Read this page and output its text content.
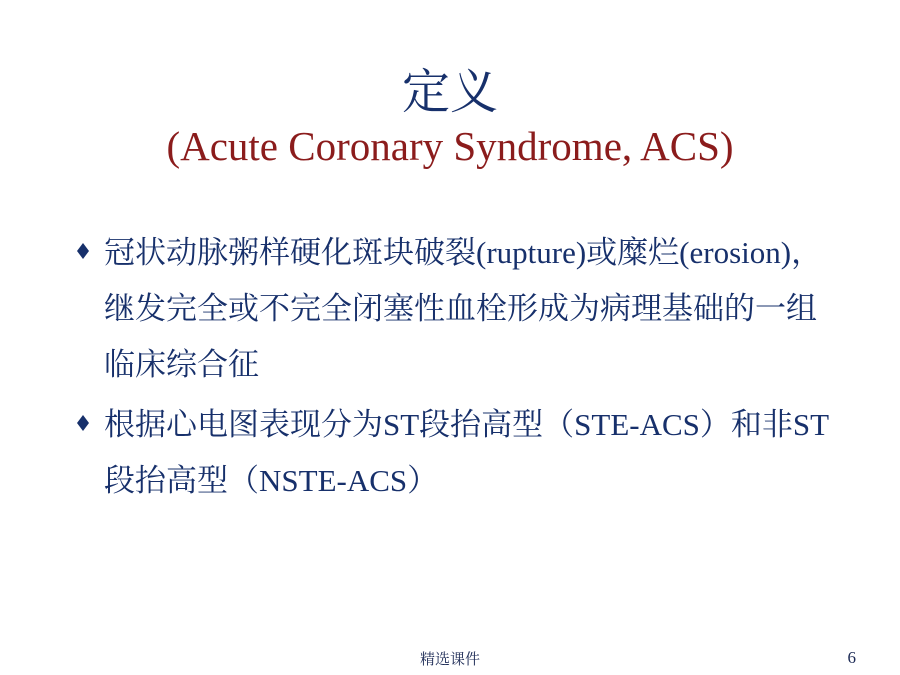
定义
(Acute Coronary Syndrome, ACS)
冠状动脉粥样硬化斑块破裂(rupture)或糜烂(erosion)，继发完全或不完全闭塞性血栓形成为病理基础的一组临床综合征
根据心电图表现分为ST段抬高型（STE-ACS）和非ST段抬高型（NSTE-ACS）
精选课件	6
